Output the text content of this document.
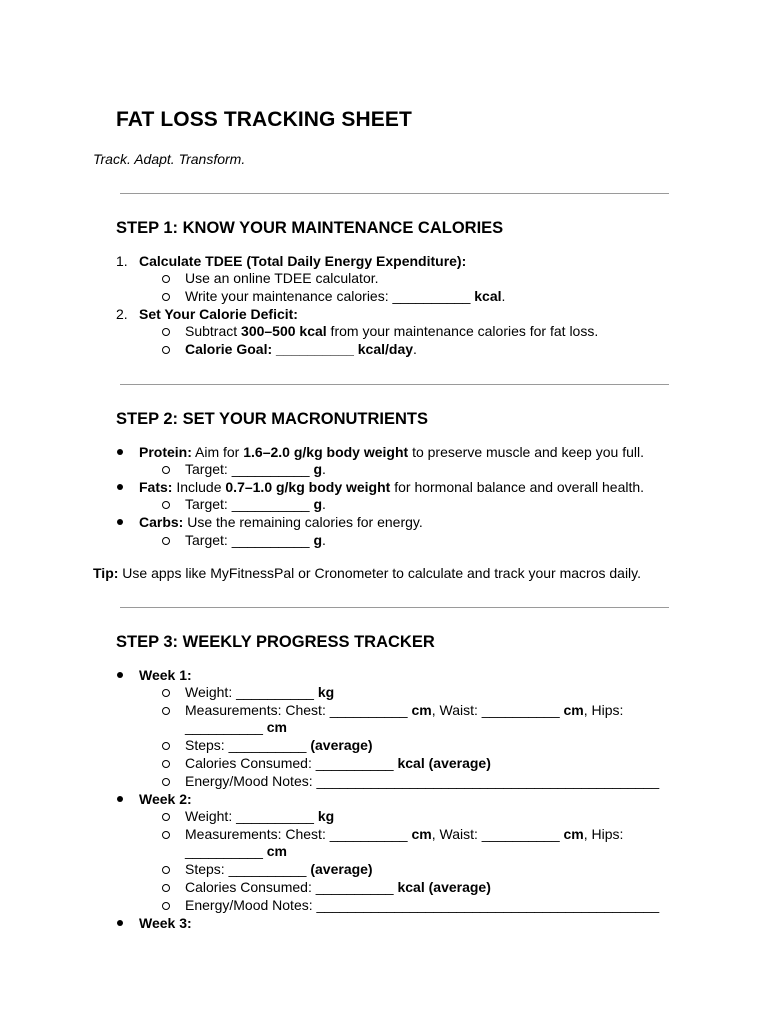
FAT LOSS TRACKING SHEET

Track. Adapt. Transform.

STEP 1: KNOW YOUR MAINTENANCE CALORIES
1. Calculate TDEE (Total Daily Energy Expenditure):

Use an online TDEE calculator.

Write your maintenance calories: __________ kcal.

2. Set Your Calorie Deficit:

Subtract 300–500 kcal from your maintenance calories for fat loss.

Calorie Goal: __________ kcal/day.

STEP 2: SET YOUR MACRONUTRIENTS

Protein: Aim for 1.6–2.0 g/kg body weight to preserve muscle and keep you full.

Target: __________ g.

Fats: Include 0.7–1.0 g/kg body weight for hormonal balance and overall health.

Target: __________ g.

Carbs: Use the remaining calories for energy.

Target: __________ g.

Tip: Use apps like MyFitnessPal or Cronometer to calculate and track your macros daily.

STEP 3: WEEKLY PROGRESS TRACKER

Week 1:

Weight: __________ kg

Measurements: Chest: __________ cm, Waist: __________ cm, Hips:

__________ cm

Steps: __________ (average)

Calories Consumed: __________ kcal (average)

Energy/Mood Notes: ____________________________________________

Week 2:

Weight: __________ kg

Measurements: Chest: __________ cm, Waist: __________ cm, Hips:

__________ cm

Steps: __________ (average)

Calories Consumed: __________ kcal (average)

Energy/Mood Notes: ____________________________________________

Week 3:
